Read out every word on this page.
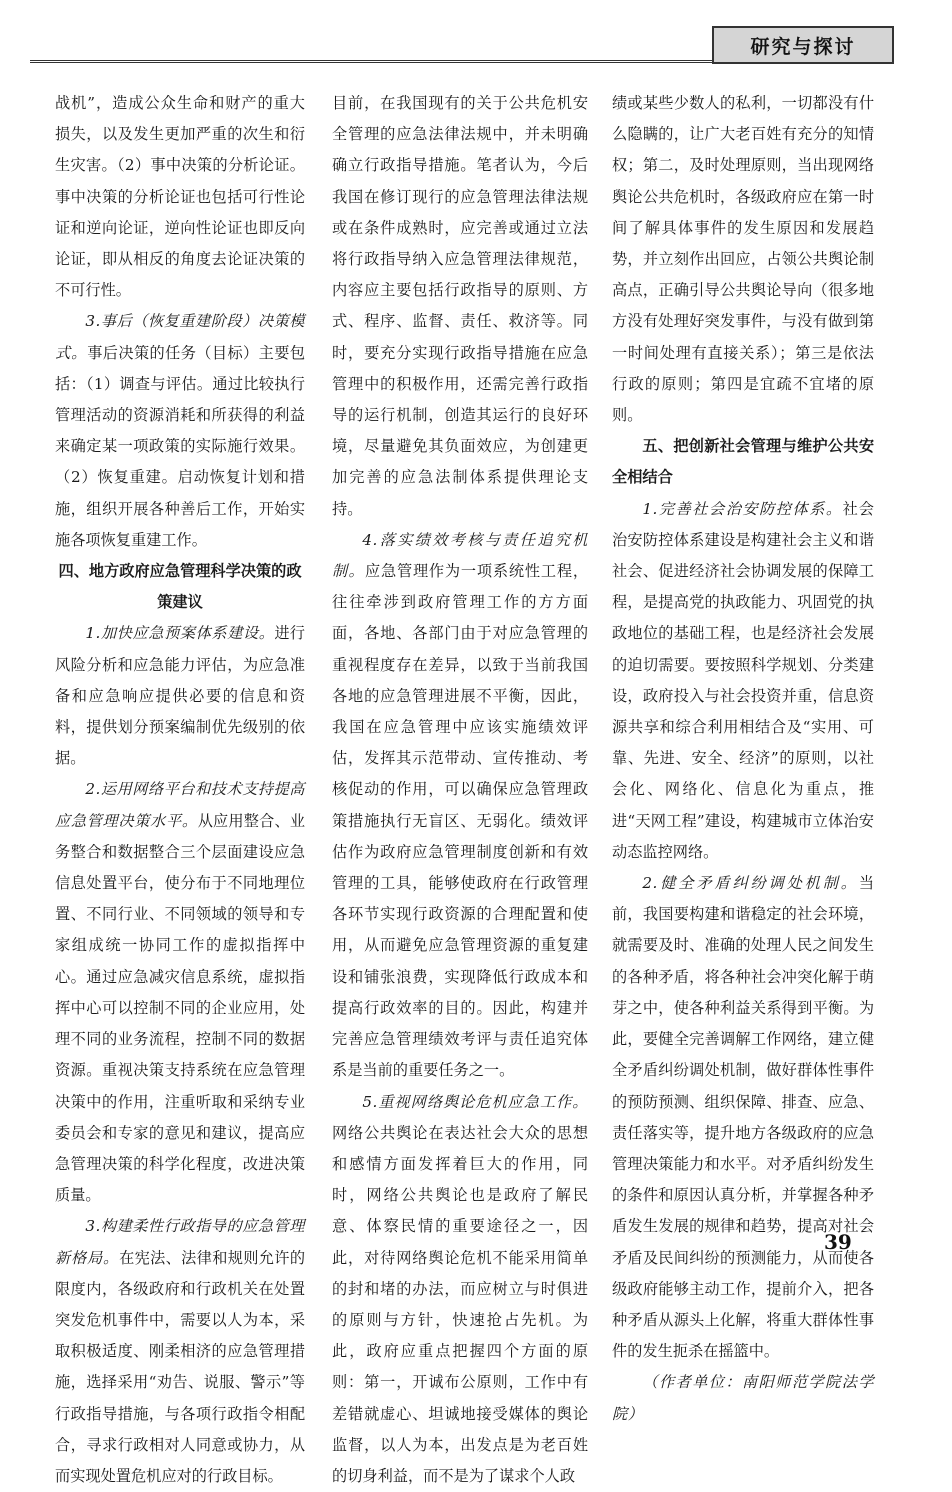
研究与探讨

战机”，造成公众生命和财产的重大损失，以及发生更加严重的次生和衍生灾害。（2）事中决策的分析论证。事中决策的分析论证也包括可行性论证和逆向论证，逆向性论证也即反向论证，即从相反的角度去论证决策的不可行性。

3.事后（恢复重建阶段）决策模式。事后决策的任务（目标）主要包括：（1）调查与评估。通过比较执行管理活动的资源消耗和所获得的利益来确定某一项政策的实际施行效果。（2）恢复重建。启动恢复计划和措施，组织开展各种善后工作，开始实施各项恢复重建工作。

四、地方政府应急管理科学决策的政策建议

1.加快应急预案体系建设。进行风险分析和应急能力评估，为应急准备和应急响应提供必要的信息和资料，提供划分预案编制优先级别的依据。

2.运用网络平台和技术支持提高应急管理决策水平。从应用整合、业务整合和数据整合三个层面建设应急信息处置平台，使分布于不同地理位置、不同行业、不同领域的领导和专家组成统一协同工作的虚拟指挥中心。通过应急减灾信息系统，虚拟指挥中心可以控制不同的企业应用，处理不同的业务流程，控制不同的数据资源。重视决策支持系统在应急管理决策中的作用，注重听取和采纳专业委员会和专家的意见和建议，提高应急管理决策的科学化程度，改进决策质量。

3.构建柔性行政指导的应急管理新格局。在宪法、法律和规则允许的限度内，各级政府和行政机关在处置突发危机事件中，需要以人为本，采取积极适度、刚柔相济的应急管理措施，选择采用“劝告、说服、警示”等行政指导措施，与各项行政指令相配合，寻求行政相对人同意或协力，从而实现处置危机应对的行政目标。

目前，在我国现有的关于公共危机安全管理的应急法律法规中，并未明确确立行政指导措施。笔者认为，今后我国在修订现行的应急管理法律法规或在条件成熟时，应完善或通过立法将行政指导纳入应急管理法律规范，内容应主要包括行政指导的原则、方式、程序、监督、责任、救济等。同时，要充分实现行政指导措施在应急管理中的积极作用，还需完善行政指导的运行机制，创造其运行的良好环境，尽量避免其负面效应，为创建更加完善的应急法制体系提供理论支持。

4.落实绩效考核与责任追究机制。应急管理作为一项系统性工程，往往牵涉到政府管理工作的方方面面，各地、各部门由于对应急管理的重视程度存在差异，以致于当前我国各地的应急管理进展不平衡，因此，我国在应急管理中应该实施绩效评估，发挥其示范带动、宣传推动、考核促动的作用，可以确保应急管理政策措施执行无盲区、无弱化。绩效评估作为政府应急管理制度创新和有效管理的工具，能够使政府在行政管理各环节实现行政资源的合理配置和使用，从而避免应急管理资源的重复建设和铺张浪费，实现降低行政成本和提高行政效率的目的。因此，构建并完善应急管理绩效考评与责任追究体系是当前的重要任务之一。

5.重视网络舆论危机应急工作。网络公共舆论在表达社会大众的思想和感情方面发挥着巨大的作用，同时，网络公共舆论也是政府了解民意、体察民情的重要途径之一，因此，对待网络舆论危机不能采用简单的封和堵的办法，而应树立与时俱进的原则与方针，快速抢占先机。为此，政府应重点把握四个方面的原则：第一，开诚布公原则，工作中有差错就虚心、坦诚地接受媒体的舆论监督，以人为本，出发点是为老百姓的切身利益，而不是为了谋求个人政

绩或某些少数人的私利，一切都没有什么隐瞒的，让广大老百姓有充分的知情权；第二，及时处理原则，当出现网络舆论公共危机时，各级政府应在第一时间了解具体事件的发生原因和发展趋势，并立刻作出回应，占领公共舆论制高点，正确引导公共舆论导向（很多地方没有处理好突发事件，与没有做到第一时间处理有直接关系）；第三是依法行政的原则；第四是宜疏不宜堵的原则。

五、把创新社会管理与维护公共安全相结合

1.完善社会治安防控体系。社会治安防控体系建设是构建社会主义和谐社会、促进经济社会协调发展的保障工程，是提高党的执政能力、巩固党的执政地位的基础工程，也是经济社会发展的迫切需要。要按照科学规划、分类建设，政府投入与社会投资并重，信息资源共享和综合利用相结合及“实用、可靠、先进、安全、经济”的原则，以社会化、网络化、信息化为重点，推进“天网工程”建设，构建城市立体治安动态监控网络。

2.健全矛盾纠纷调处机制。当前，我国要构建和谐稳定的社会环境，就需要及时、准确的处理人民之间发生的各种矛盾，将各种社会冲突化解于萌芽之中，使各种利益关系得到平衡。为此，要健全完善调解工作网络，建立健全矛盾纠纷调处机制，做好群体性事件的预防预测、组织保障、排查、应急、责任落实等，提升地方各级政府的应急管理决策能力和水平。对矛盾纠纷发生的条件和原因认真分析，并掌握各种矛盾发生发展的规律和趋势，提高对社会矛盾及民间纠纷的预测能力，从而使各级政府能够主动工作，提前介入，把各种矛盾从源头上化解，将重大群体性事件的发生扼杀在摇篮中。

（作者单位：南阳师范学院法学院）

39
